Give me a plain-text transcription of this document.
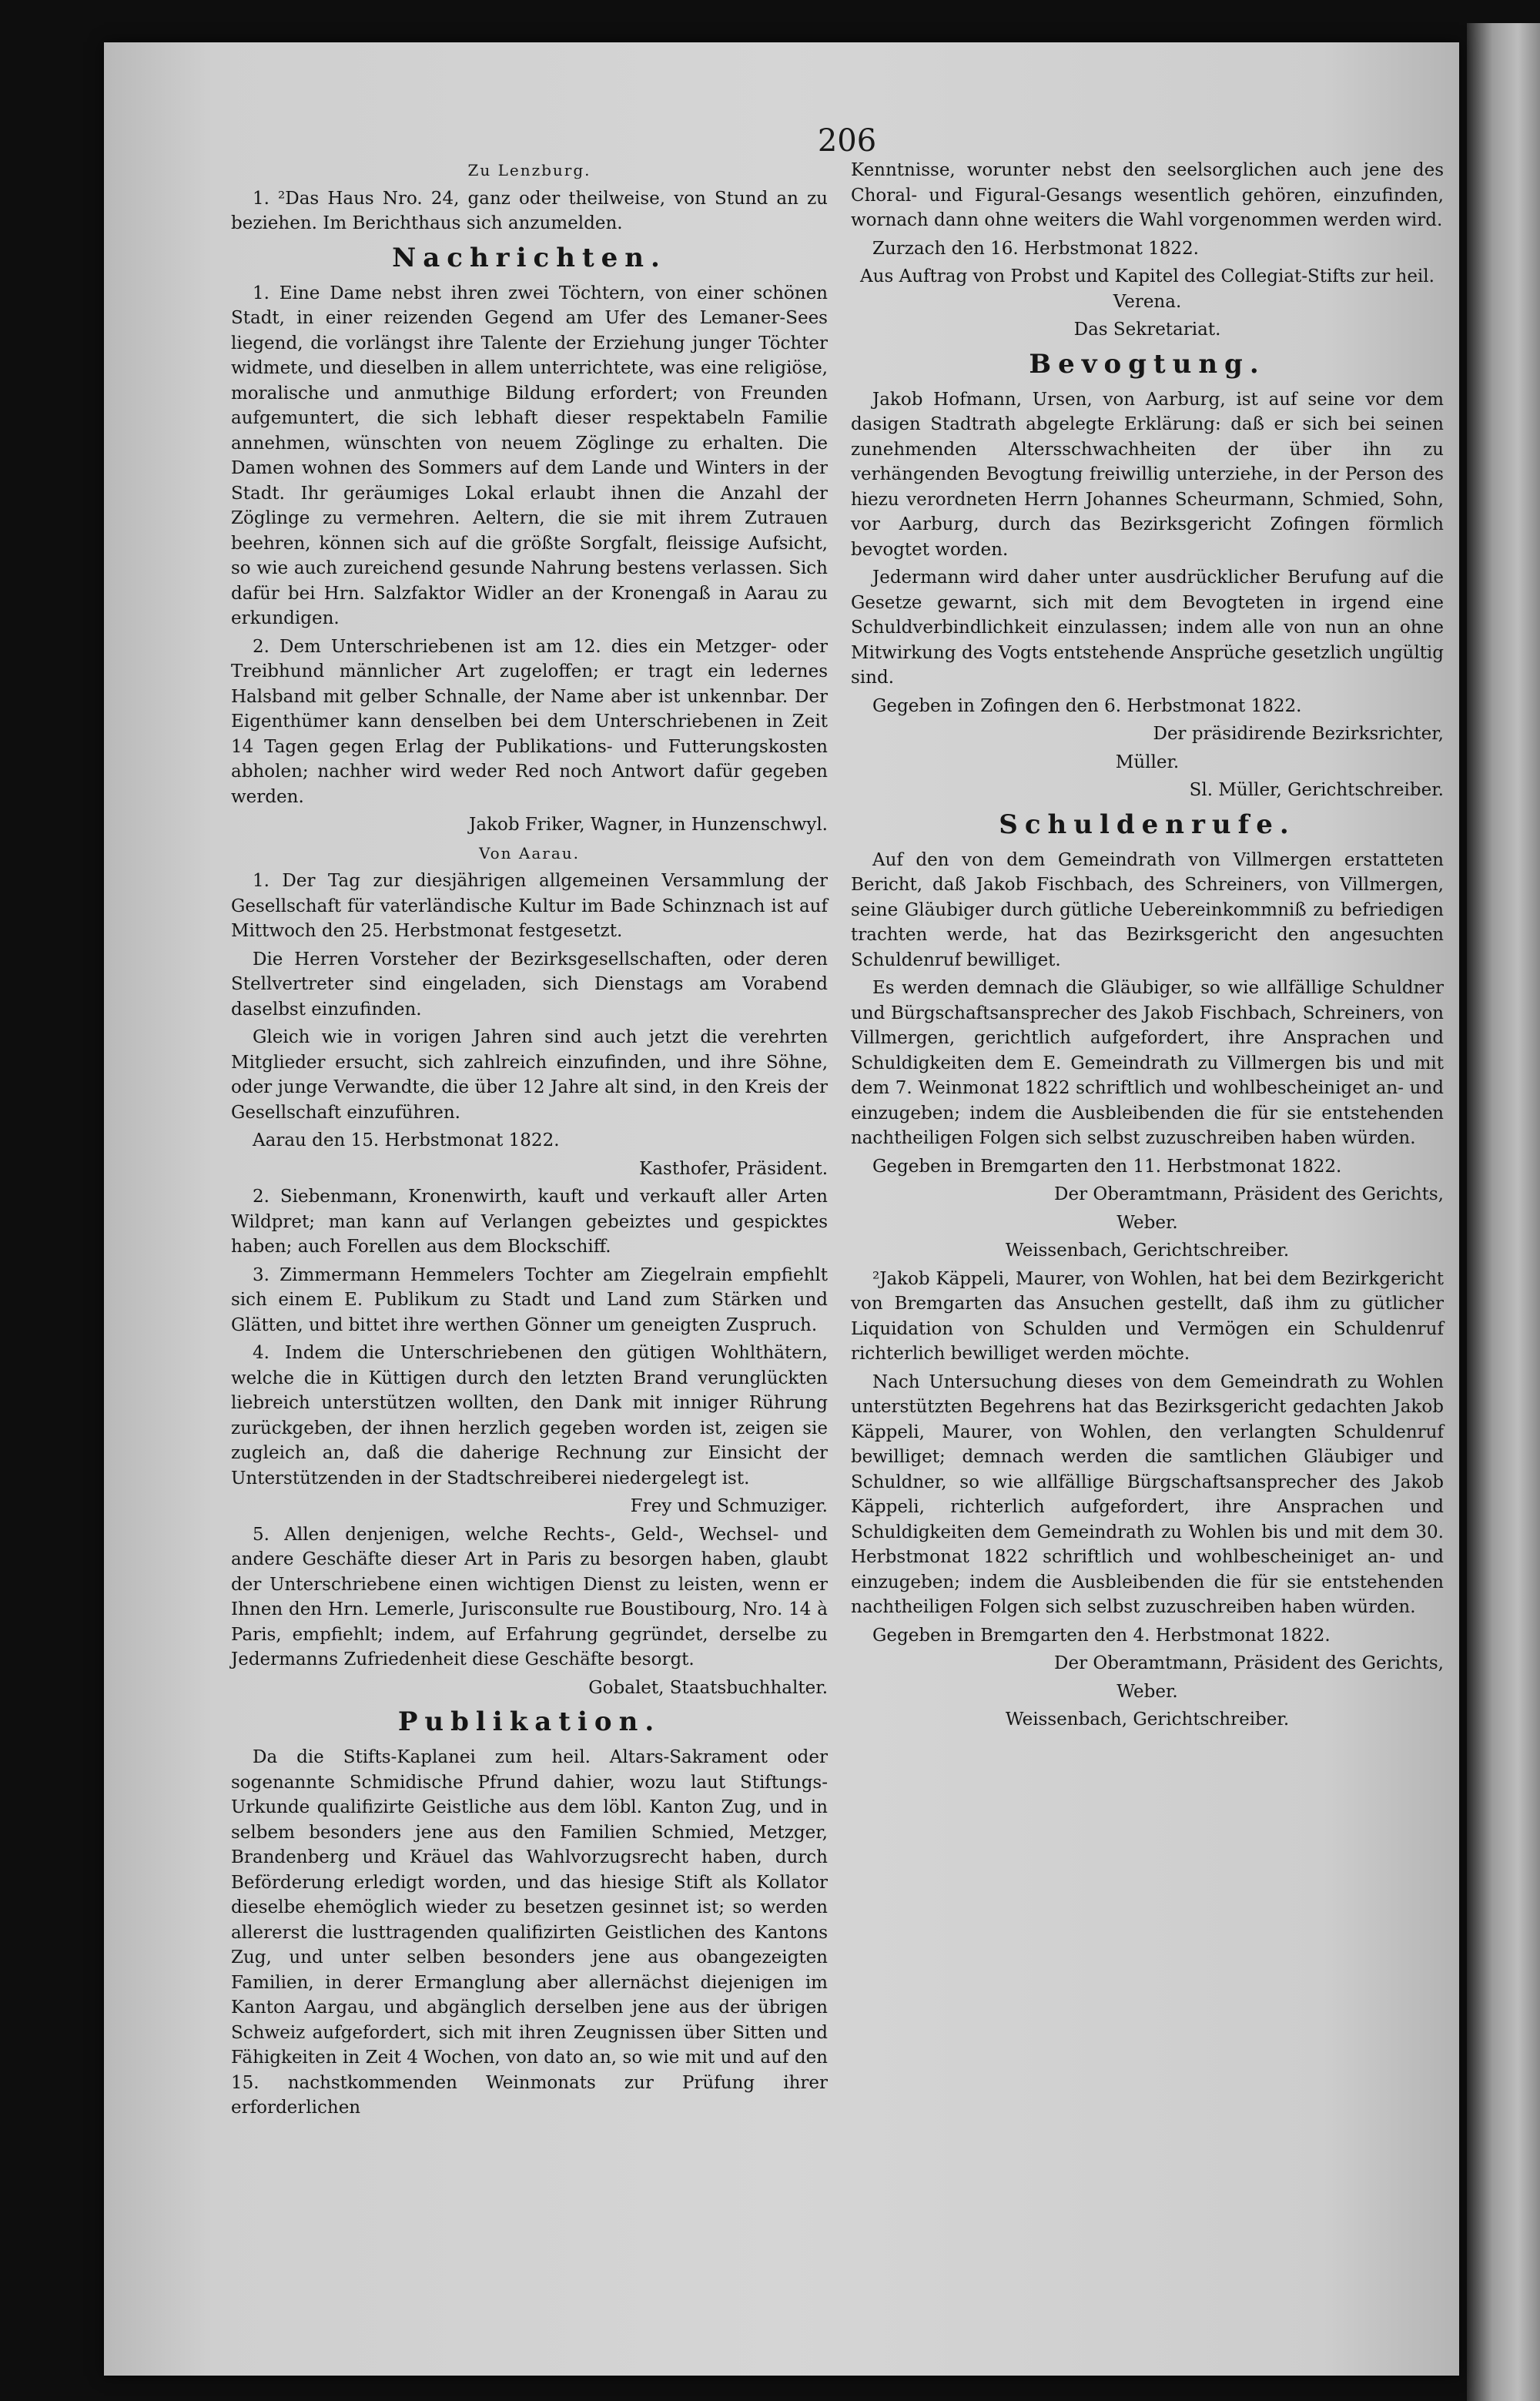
206

Zu Lenzburg.

1. ²Das Haus Nro. 24, ganz oder theilweise, von Stund an zu beziehen. Im Berichthaus sich anzumelden.

Nachrichten.

1. Eine Dame nebst ihren zwei Töchtern, von einer schönen Stadt, in einer reizenden Gegend am Ufer des Lemaner-Sees liegend, die vorlängst ihre Talente der Erziehung junger Töchter widmete, und dieselben in allem unterrichtete, was eine religiöse, moralische und anmuthige Bildung erfordert; von Freunden aufgemuntert, die sich lebhaft dieser respektabeln Familie annehmen, wünschten von neuem Zöglinge zu erhalten. Die Damen wohnen des Sommers auf dem Lande und Winters in der Stadt. Ihr geräumiges Lokal erlaubt ihnen die Anzahl der Zöglinge zu vermehren. Aeltern, die sie mit ihrem Zutrauen beehren, können sich auf die größte Sorgfalt, fleissige Aufsicht, so wie auch zureichend gesunde Nahrung bestens verlassen. Sich dafür bei Hrn. Salzfaktor Widler an der Kronengaß in Aarau zu erkundigen.

2. Dem Unterschriebenen ist am 12. dies ein Metzger- oder Treibhund männlicher Art zugeloffen; er tragt ein ledernes Halsband mit gelber Schnalle, der Name aber ist unkennbar. Der Eigenthümer kann denselben bei dem Unterschriebenen in Zeit 14 Tagen gegen Erlag der Publikations- und Futterungskosten abholen; nachher wird weder Red noch Antwort dafür gegeben werden.

Jakob Friker, Wagner, in Hunzenschwyl.

Von Aarau.

1. Der Tag zur diesjährigen allgemeinen Versammlung der Gesellschaft für vaterländische Kultur im Bade Schinznach ist auf Mittwoch den 25. Herbstmonat festgesetzt.

Die Herren Vorsteher der Bezirksgesellschaften, oder deren Stellvertreter sind eingeladen, sich Dienstags am Vorabend daselbst einzufinden.

Gleich wie in vorigen Jahren sind auch jetzt die verehrten Mitglieder ersucht, sich zahlreich einzufinden, und ihre Söhne, oder junge Verwandte, die über 12 Jahre alt sind, in den Kreis der Gesellschaft einzuführen.

Aarau den 15. Herbstmonat 1822.

Kasthofer, Präsident.

2. Siebenmann, Kronenwirth, kauft und verkauft aller Arten Wildpret; man kann auf Verlangen gebeiztes und gespicktes haben; auch Forellen aus dem Blockschiff.

3. Zimmermann Hemmelers Tochter am Ziegelrain empfiehlt sich einem E. Publikum zu Stadt und Land zum Stärken und Glätten, und bittet ihre werthen Gönner um geneigten Zuspruch.

4. Indem die Unterschriebenen den gütigen Wohlthätern, welche die in Küttigen durch den letzten Brand verunglückten liebreich unterstützen wollten, den Dank mit inniger Rührung zurückgeben, der ihnen herzlich gegeben worden ist, zeigen sie zugleich an, daß die daherige Rechnung zur Einsicht der Unterstützenden in der Stadtschreiberei niedergelegt ist.

Frey und Schmuziger.

5. Allen denjenigen, welche Rechts-, Geld-, Wechsel- und andere Geschäfte dieser Art in Paris zu besorgen haben, glaubt der Unterschriebene einen wichtigen Dienst zu leisten, wenn er Ihnen den Hrn. Lemerle, Jurisconsulte rue Boustibourg, Nro. 14 à Paris, empfiehlt; indem, auf Erfahrung gegründet, derselbe zu Jedermanns Zufriedenheit diese Geschäfte besorgt.

Gobalet, Staatsbuchhalter.

Publikation.

Da die Stifts-Kaplanei zum heil. Altars-Sakrament oder sogenannte Schmidische Pfrund dahier, wozu laut Stiftungs-Urkunde qualifizirte Geistliche aus dem löbl. Kanton Zug, und in selbem besonders jene aus den Familien Schmied, Metzger, Brandenberg und Kräuel das Wahlvorzugsrecht haben, durch Beförderung erledigt worden, und das hiesige Stift als Kollator dieselbe ehemöglich wieder zu besetzen gesinnet ist; so werden allererst die lusttragenden qualifizirten Geistlichen des Kantons Zug, und unter selben besonders jene aus obangezeigten Familien, in derer Ermanglung aber allernächst diejenigen im Kanton Aargau, und abgänglich derselben jene aus der übrigen Schweiz aufgefordert, sich mit ihren Zeugnissen über Sitten und Fähigkeiten in Zeit 4 Wochen, von dato an, so wie mit und auf den 15. nachstkommenden Weinmonats zur Prüfung ihrer erforderlichen

Kenntnisse, worunter nebst den seelsorglichen auch jene des Choral- und Figural-Gesangs wesentlich gehören, einzufinden, wornach dann ohne weiters die Wahl vorgenommen werden wird.

Zurzach den 16. Herbstmonat 1822.

Aus Auftrag von Probst und Kapitel des Collegiat-Stifts zur heil. Verena.

Das Sekretariat.

Bevogtung.

Jakob Hofmann, Ursen, von Aarburg, ist auf seine vor dem dasigen Stadtrath abgelegte Erklärung: daß er sich bei seinen zunehmenden Altersschwachheiten der über ihn zu verhängenden Bevogtung freiwillig unterziehe, in der Person des hiezu verordneten Herrn Johannes Scheurmann, Schmied, Sohn, vor Aarburg, durch das Bezirksgericht Zofingen förmlich bevogtet worden.

Jedermann wird daher unter ausdrücklicher Berufung auf die Gesetze gewarnt, sich mit dem Bevogteten in irgend eine Schuldverbindlichkeit einzulassen; indem alle von nun an ohne Mitwirkung des Vogts entstehende Ansprüche gesetzlich ungültig sind.

Gegeben in Zofingen den 6. Herbstmonat 1822.

Der präsidirende Bezirksrichter,

Müller.

Sl. Müller, Gerichtschreiber.

Schuldenrufe.

Auf den von dem Gemeindrath von Villmergen erstatteten Bericht, daß Jakob Fischbach, des Schreiners, von Villmergen, seine Gläubiger durch gütliche Uebereinkommniß zu befriedigen trachten werde, hat das Bezirksgericht den angesuchten Schuldenruf bewilliget.

Es werden demnach die Gläubiger, so wie allfällige Schuldner und Bürgschaftsansprecher des Jakob Fischbach, Schreiners, von Villmergen, gerichtlich aufgefordert, ihre Ansprachen und Schuldigkeiten dem E. Gemeindrath zu Villmergen bis und mit dem 7. Weinmonat 1822 schriftlich und wohlbescheiniget an- und einzugeben; indem die Ausbleibenden die für sie entstehenden nachtheiligen Folgen sich selbst zuzuschreiben haben würden.

Gegeben in Bremgarten den 11. Herbstmonat 1822.

Der Oberamtmann, Präsident des Gerichts,

Weber.

Weissenbach, Gerichtschreiber.

²Jakob Käppeli, Maurer, von Wohlen, hat bei dem Bezirkgericht von Bremgarten das Ansuchen gestellt, daß ihm zu gütlicher Liquidation von Schulden und Vermögen ein Schuldenruf richterlich bewilliget werden möchte.

Nach Untersuchung dieses von dem Gemeindrath zu Wohlen unterstützten Begehrens hat das Bezirksgericht gedachten Jakob Käppeli, Maurer, von Wohlen, den verlangten Schuldenruf bewilliget; demnach werden die samtlichen Gläubiger und Schuldner, so wie allfällige Bürgschaftsansprecher des Jakob Käppeli, richterlich aufgefordert, ihre Ansprachen und Schuldigkeiten dem Gemeindrath zu Wohlen bis und mit dem 30. Herbstmonat 1822 schriftlich und wohlbescheiniget an- und einzugeben; indem die Ausbleibenden die für sie entstehenden nachtheiligen Folgen sich selbst zuzuschreiben haben würden.

Gegeben in Bremgarten den 4. Herbstmonat 1822.

Der Oberamtmann, Präsident des Gerichts,

Weber.

Weissenbach, Gerichtschreiber.
